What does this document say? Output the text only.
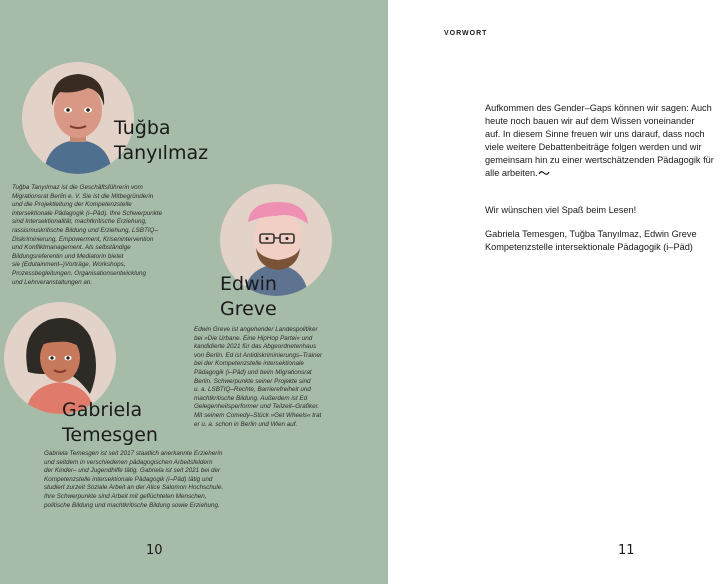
Tuğba
Tanyılmaz
Tuğba Tanyılmaz ist die Geschäftsführerin vom
Migrationsrat Berlin e. V. Sie ist die Mitbegründerin
und die Projektleitung der Kompetenzstelle
intersektionale Pädagogik (i–Päd). Ihre Schwerpunkte
sind Intersektionalität, machtkritische Erziehung,
rassismuskritische Bildung und Erziehung, LSBTIQ–
Diskriminierung, Empowerment, Krisenintervention
und Konfliktmanagement. Als selbständige
Bildungsreferentin und Mediatorin bietet
sie (Edutainment–)Vorträge, Workshops,
Prozessbegleitungen, Organisationsentwicklung
und Lehrveranstaltungen an.	Edwin
Greve
Edwin Greve ist angehender Landespolitiker
bei »Die Urbane. Eine HipHop Partei« und
kandidierte 2021 für das Abgeordnetenhaus
von Berlin. Ed ist Antidiskriminierungs–Trainer
bei der Kompetenzstelle intersektionale
Pädagogik (i–Päd) und beim Migrationsrat
Berlin. Schwerpunkte seiner Projekte sind
u. a. LSBTIQ–Rechte, Barrierefreiheit und
machtkritische Bildung. Außerdem ist Ed
Gelegenheitsperformer und Teilzeit–Grafiker.
Mit seinem Comedy–Stück »Get Wheels« trat
er u. a. schon in Berlin und Wien auf.
Gabriela
Temesgen
Gabriela Temesgen ist seit 2017 staatlich anerkannte Erzieherin
und seitdem in verschiedenen pädagogischen Arbeitsfeldern
der Kinder– und Jugendhilfe tätig. Gabriela ist seit 2021 bei der
Kompetenzstelle intersektionale Pädagogik (i–Päd) tätig und
studiert zurzeit Soziale Arbeit an der Alice Salomon Hochschule.
Ihre Schwerpunkte sind Arbeit mit geflüchteten Menschen,
politische Bildung und machtkritische Bildung sowie Erziehung.
10
VORWORT
Aufkommen des Gender–Gaps können wir sagen: Auch
heute noch bauen wir auf dem Wissen voneinander
auf. In diesem Sinne freuen wir uns darauf, dass noch
viele weitere Debattenbeiträge folgen werden und wir
gemeinsam hin zu einer wertschätzenden Pädagogik für
alle arbeiten.
Wir wünschen viel Spaß beim Lesen!
Gabriela Temesgen, Tuğba Tanyılmaz, Edwin Greve
Kompetenzstelle intersektionale Pädagogik (i–Päd)
11
